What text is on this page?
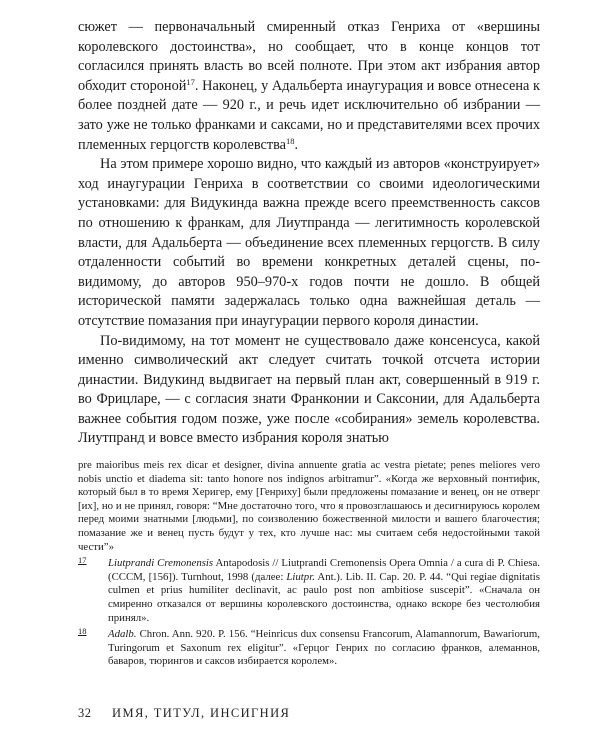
сюжет — первоначальный смиренный отказ Генриха от «вершины королевского достоинства», но сообщает, что в конце концов тот согласился принять власть во всей полноте. При этом акт избрания автор обходит стороной$^{17}$. Наконец, у Адальберта инаугурация и вовсе отнесена к более поздней дате — 920 г., и речь идет исключительно об избрании — зато уже не только франками и саксами, но и представителями всех прочих племенных герцогств королевства$^{18}$.

На этом примере хорошо видно, что каждый из авторов «конструирует» ход инаугурации Генриха в соответствии со своими идеологическими установками: для Видукинда важна прежде всего преемственность саксов по отношению к франкам, для Лиутпранда — легитимность королевской власти, для Адальберта — объединение всех племенных герцогств. В силу отдаленности событий во времени конкретных деталей сцены, по-видимому, до авторов 950–970-х годов почти не дошло. В общей исторической памяти задержалась только одна важнейшая деталь — отсутствие помазания при инаугурации первого короля династии.

По-видимому, на тот момент не существовало даже консенсуса, какой именно символический акт следует считать точкой отсчета истории династии. Видукинд выдвигает на первый план акт, совершенный в 919 г. во Фрицларе, — с согласия знати Франконии и Саксонии, для Адальберта важнее события годом позже, уже после «собирания» земель королевства. Лиутпранд и вовсе вместо избрания короля знатью

pre maioribus meis rex dicar et designer, divina annuente gratia ac vestra pietate; penes meliores vero nobis unctio et diadema sit: tanto honore nos indignos arbitramur”. «Когда же верховный понтифик, который был в то время Херигер, ему [Генриху] были предложены помазание и венец, он не отверг [их], но и не принял, говоря: “Мне достаточно того, что я провозглашаюсь и десигнируюсь королем перед моими знатными [людьми], по соизволению божественной милости и вашего благочестия; помазание же и венец пусть будут у тех, кто лучше нас: мы считаем себя недостойными такой чести”»

17 Liutprandi Cremonensis Antapodosis // Liutprandi Cremonensis Opera Omnia / a cura di P. Chiesa. (CCCM, [156]). Turnhout, 1998 (далее: Liutpr. Ant.). Lib. II. Cap. 20. P. 44. “Qui regiae dignitatis culmen et prius humiliter declinavit, ac paulo post non ambitiose suscepit”. «Сначала он смиренно отказался от вершины королевского достоинства, однако вскоре без честолюбия принял».

18 Adalb. Chron. Ann. 920. P. 156. “Heinricus dux consensu Francorum, Alamannorum, Bawariorum, Turingorum et Saxonum rex eligitur”. «Герцог Генрих по согласию франков, алеманнов, баваров, тюрингов и саксов избирается королем».

32 ИМЯ, ТИТУЛ, ИНСИГНИЯ
